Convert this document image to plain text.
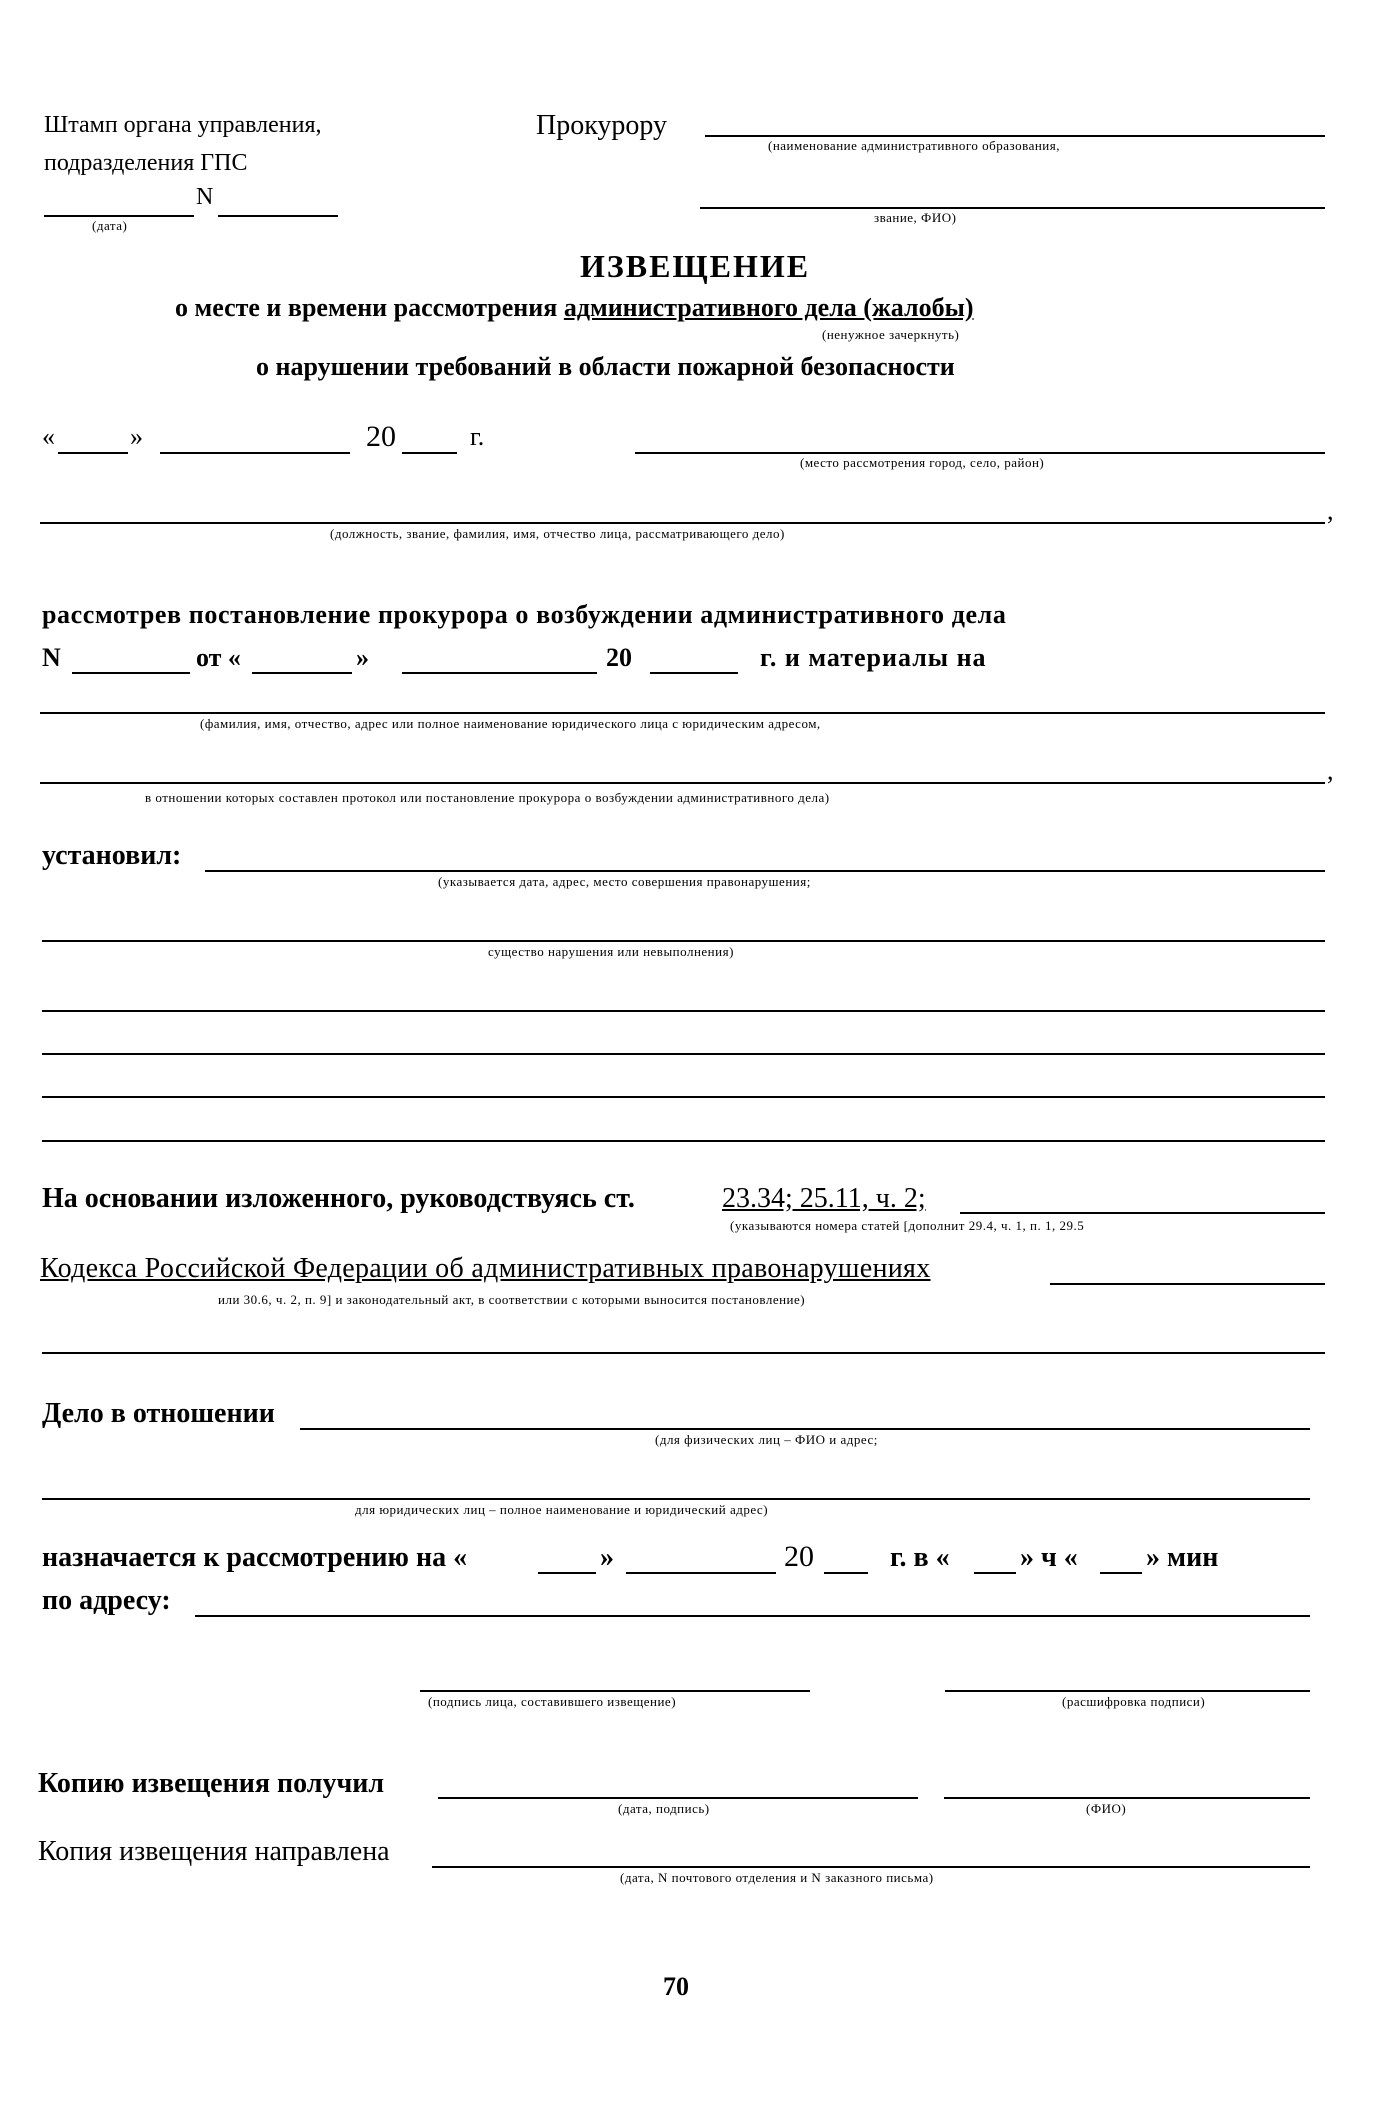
Штамп органа управления,
подразделения ГПС
N
(дата)
Прокурору
(наименование административного образования,
звание, ФИО)
ИЗВЕЩЕНИЕ
о месте и времени рассмотрения административного дела (жалобы)
(ненужное зачеркнуть)
о нарушении требований в области пожарной безопасности
«	»	20	г.
(место рассмотрения город, село, район)
,
(должность, звание, фамилия, имя, отчество лица, рассматривающего дело)
рассмотрев постановление прокурора о возбуждении административного дела
N	от «	»	20	г. и материалы на
(фамилия, имя, отчество, адрес или полное наименование юридического лица с юридическим адресом,
,
в отношении которых составлен протокол или постановление прокурора о возбуждении административного дела)
установил:
(указывается дата, адрес, место совершения правонарушения;
существо нарушения или невыполнения)
На основании изложенного, руководствуясь ст.	23.34; 25.11, ч. 2;
(указываются номера статей [дополнит 29.4, ч. 1, п. 1, 29.5
Кодекса Российской Федерации об административных правонарушениях
или 30.6, ч. 2, п. 9] и законодательный акт, в соответствии с которыми выносится постановление)
Дело в отношении
(для физических лиц – ФИО и адрес;
для юридических лиц – полное наименование и юридический адрес)
назначается к рассмотрению на «	»	20	г. в «	» ч « » мин
по адресу:
(подпись лица, составившего извещение)	(расшифровка подписи)
Копию извещения получил
(дата, подпись)	(ФИО)
Копия извещения направлена
(дата, N почтового отделения и N заказного письма)
70
